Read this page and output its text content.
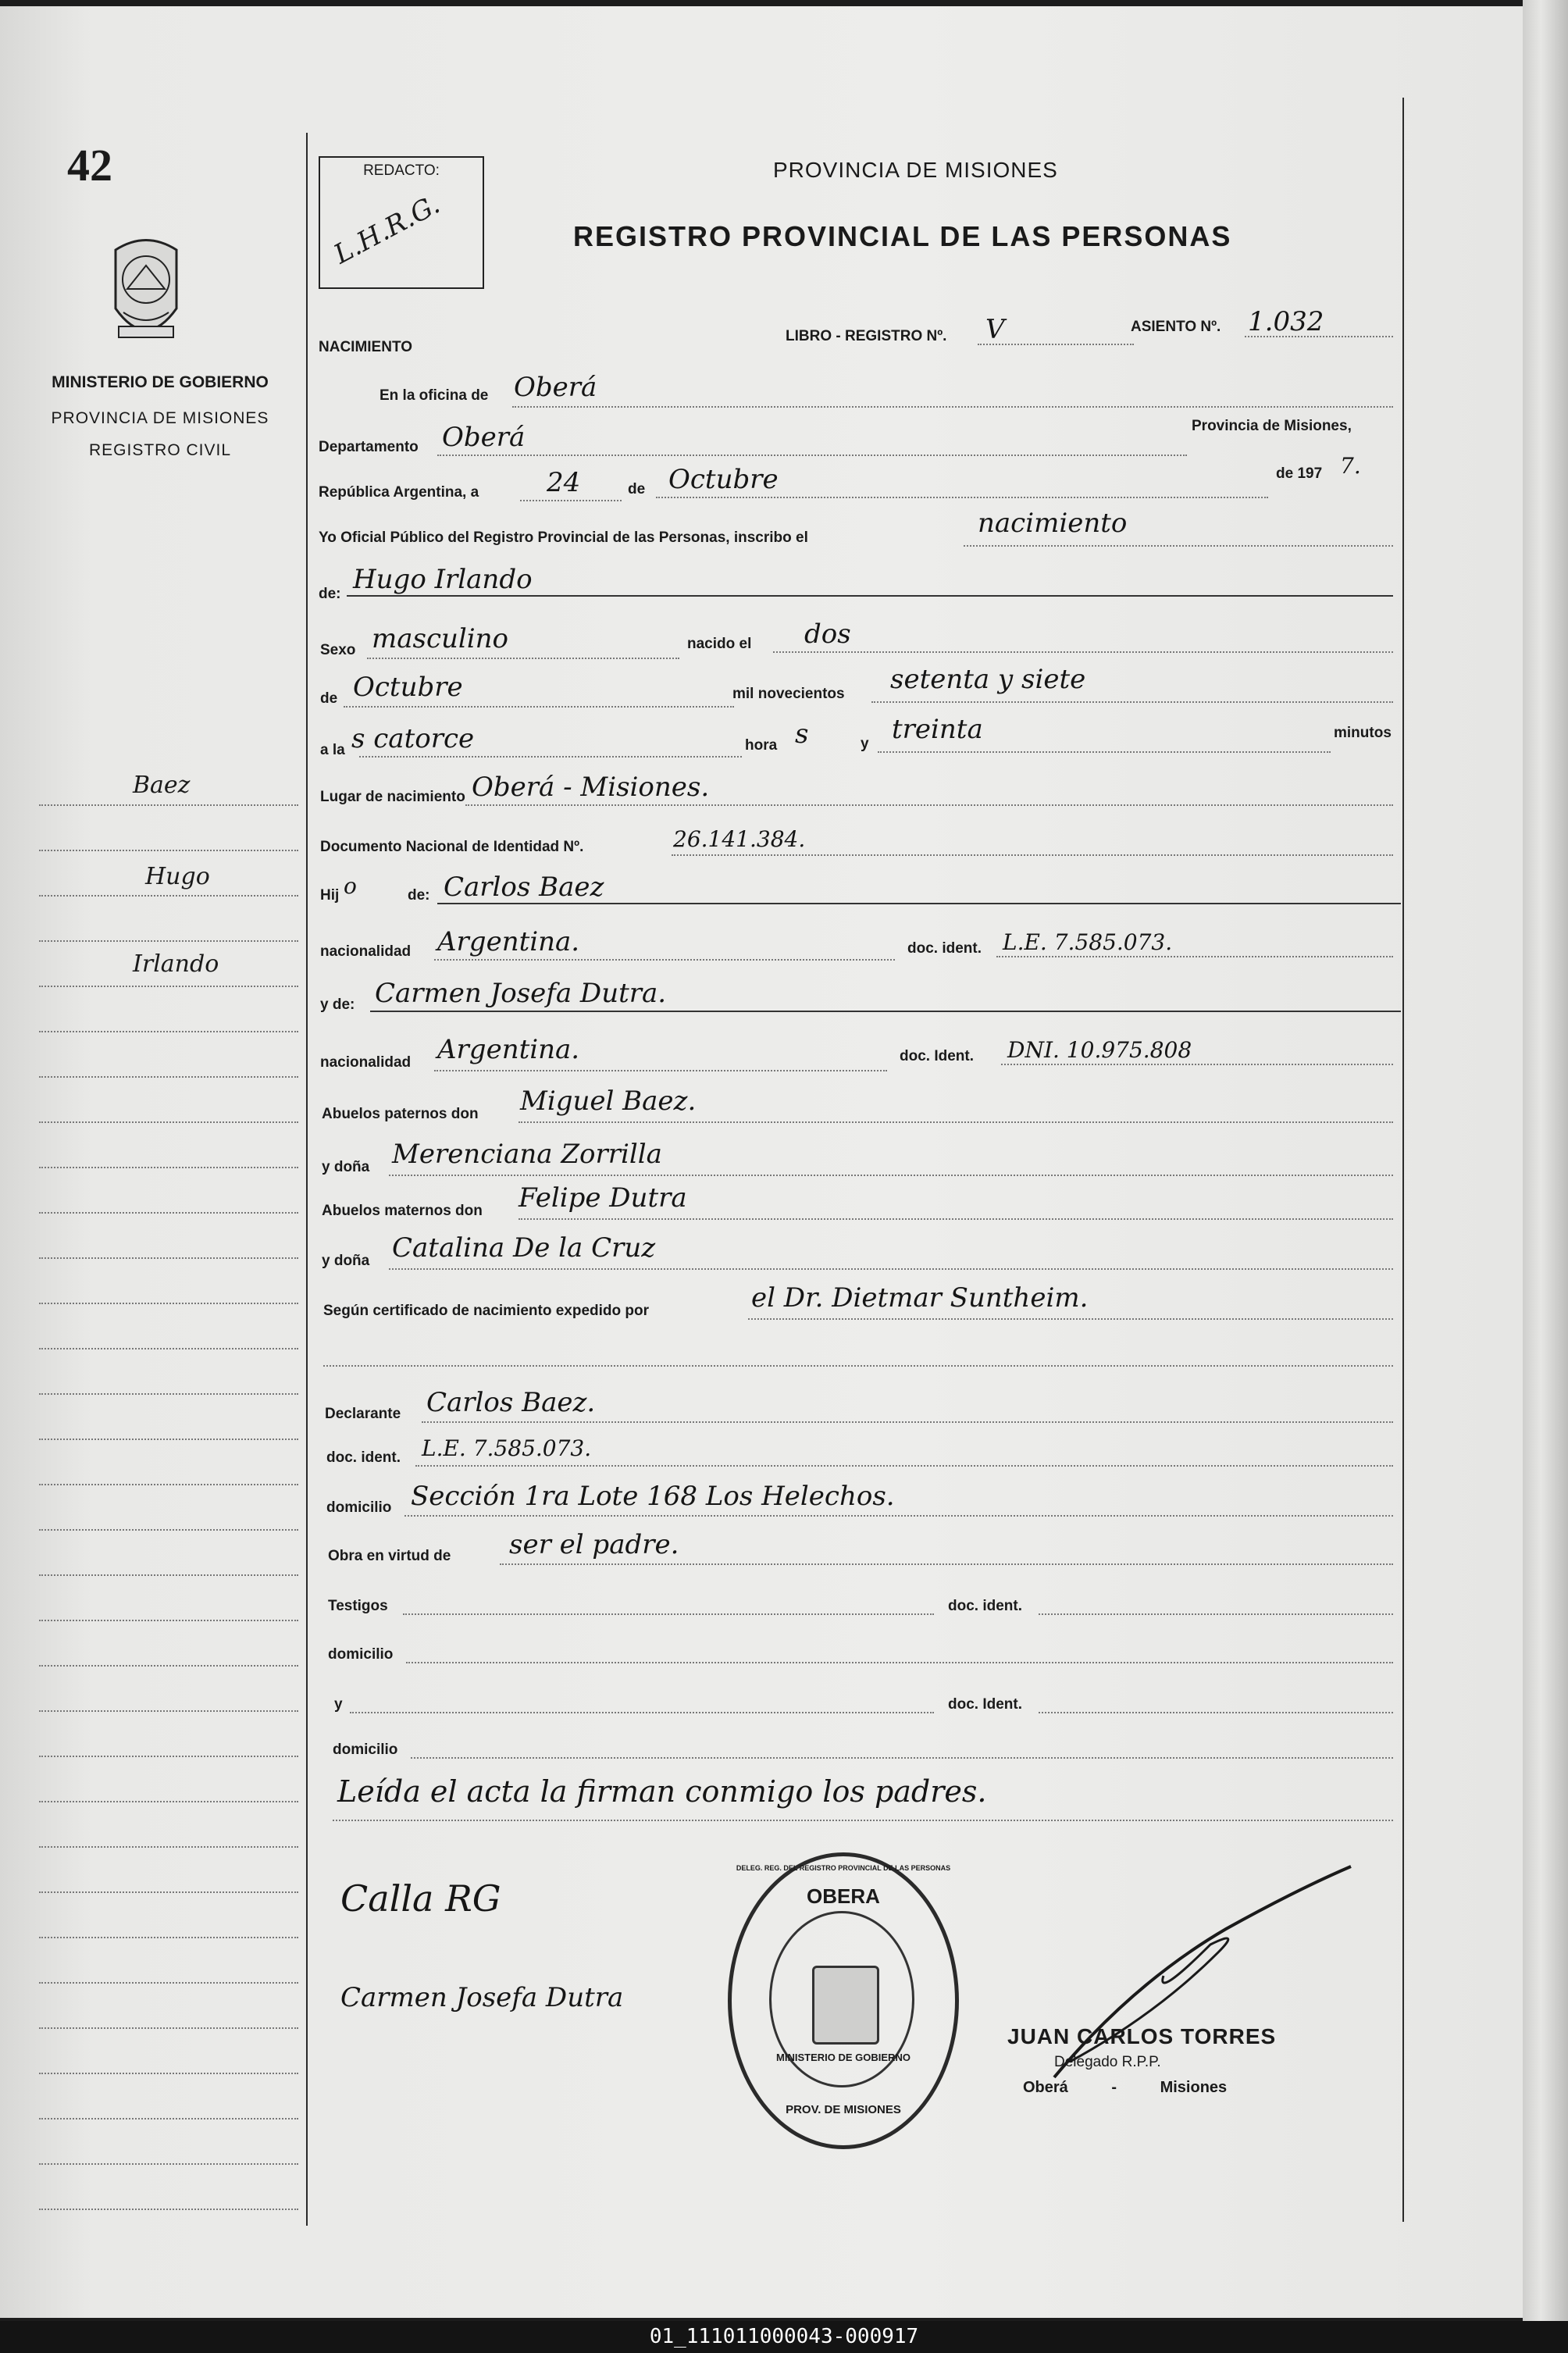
42
MINISTERIO DE GOBIERNO
PROVINCIA DE MISIONES
REGISTRO CIVIL
Baez
Hugo
Irlando
REDACTO:
L.H.R.G.
PROVINCIA DE MISIONES
REGISTRO PROVINCIAL DE LAS PERSONAS
NACIMIENTO
LIBRO - REGISTRO Nº. V	ASIENTO Nº. 1.032
En la oficina de Oberá
Departamento Oberá	Provincia de Misiones,
República Argentina, a	24	de Octubre	de 197 7.
Yo Oficial Público del Registro Provincial de las Personas, inscribo el	nacimiento
de: Hugo Irlando
Sexo masculino	nacido el dos
de Octubre	mil novecientos setenta y siete
a la s catorce	hora s	y treinta	minutos
Lugar de nacimiento Oberá - Misiones.
Documento Nacional de Identidad Nº.	26.141.384.
Hij o	de: Carlos Baez
nacionalidad Argentina.	doc. ident. L.E. 7.585.073.
y de: Carmen Josefa Dutra.
nacionalidad Argentina.	doc. Ident. DNI. 10.975.808
Abuelos paternos don Miguel Baez.
y doña Merenciana Zorrilla
Abuelos maternos don Felipe Dutra
y doña Catalina De la Cruz
Según certificado de nacimiento expedido por	el Dr. Dietmar Suntheim.
Declarante Carlos Baez.
doc. ident. L.E. 7.585.073.
domicilio Sección 1ra Lote 168 Los Helechos.
Obra en virtud de ser el padre.
Testigos	doc. ident.
domicilio
y	doc. Ident.
domicilio
Leída el acta la firman conmigo los padres.
Calla RG
Carmen Josefa Dutra
OBERA
MINISTERIO DE GOBIERNO
PROV. DE MISIONES
DELEG. REG. DEL REGISTRO PROVINCIAL DE LAS PERSONAS
JUAN CARLOS TORRES
Delegado R.P.P.
Oberá - Misiones
01_111011000043-000917
